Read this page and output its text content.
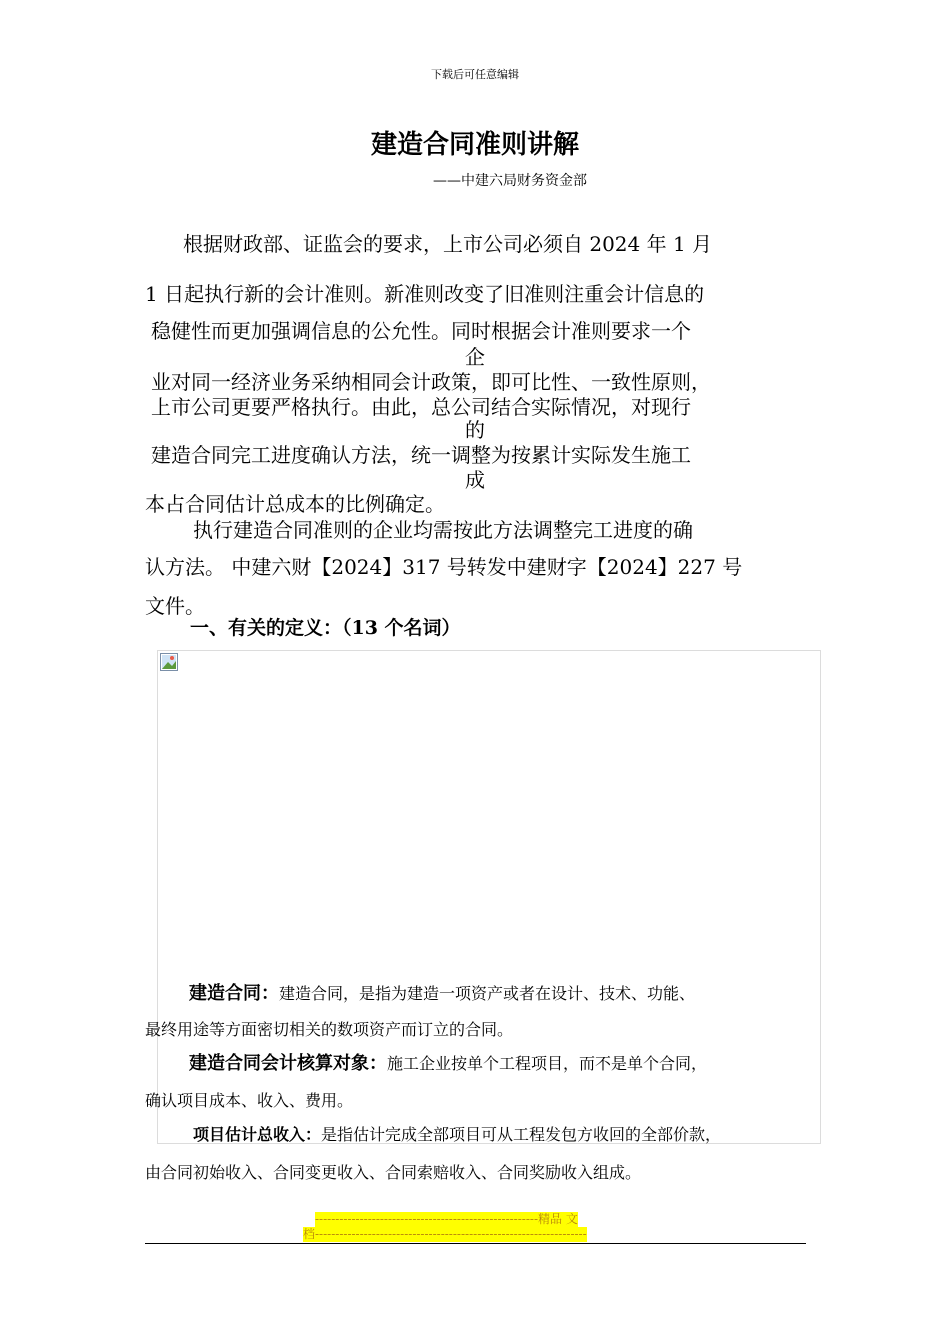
下载后可任意编辑
建造合同准则讲解
——中建六局财务资金部
根据财政部、证监会的要求，上市公司必须自 2024 年 1 月
1 日起执行新的会计准则。新准则改变了旧准则注重会计信息的
稳健性而更加强调信息的公允性。同时根据会计准则要求一个
企
业对同一经济业务采纳相同会计政策，即可比性、一致性原则，
上市公司更要严格执行。由此，总公司结合实际情况，对现行
的
建造合同完工进度确认方法，统一调整为按累计实际发生施工
成
本占合同估计总成本的比例确定。
执行建造合同准则的企业均需按此方法调整完工进度的确
认方法。 中建六财【2024】317 号转发中建财字【2024】227 号
文件。
一、有关的定义：（13 个名词）
建造合同：建造合同，是指为建造一项资产或者在设计、技术、功能、
最终用途等方面密切相关的数项资产而订立的合同。
建造合同会计核算对象：施工企业按单个工程项目，而不是单个合同，
确认项目成本、收入、费用。
项目估计总收入：是指估计完成全部项目可从工程发包方收回的全部价款，
由合同初始收入、合同变更收入、合同索赔收入、合同奖励收入组成。
-------------------------------------------------------精品 文
档-------------------------------------------------------------------
